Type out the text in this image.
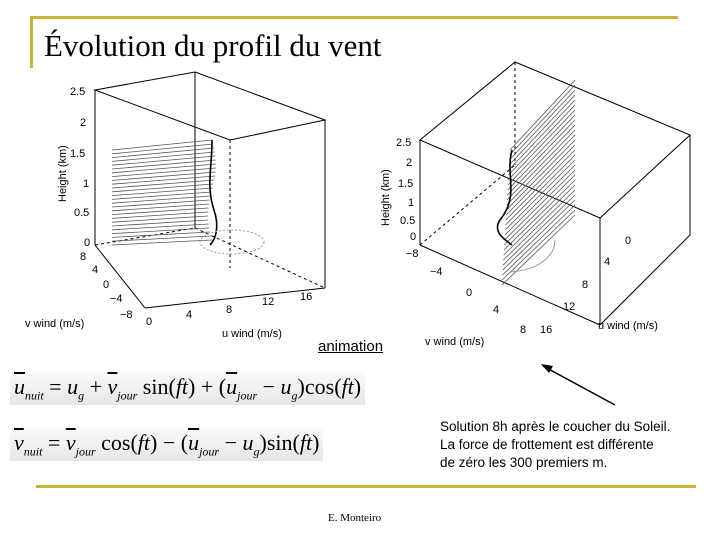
Évolution du profil du vent
Height (km)
v wind (m/s)
u wind (m/s)
2.5
2
1.5
1
0.5
0
8
4
0
−4
−8
0
4	8
12 16
Height (km)
v wind (m/s)
u wind (m/s)
2.5
2
1.5
1
0.5
0
−8
−4
0
4
8 16
12
8
4
0
animation
$\overline{u}_{nuit} = u_g + \overline{v}_{jour}$ $\sin(ft) + (\overline{u}_{jour} - u_g)\cos(ft)$
$\overline{v}_{nuit} = \overline{v}_{jour}$ $\cos(ft) - (\overline{u}_{jour} - u_g)\sin(ft)$
Solution 8h après le coucher du Soleil.
La force de frottement est différente
de zéro les 300 premiers m.
E. Monteiro
